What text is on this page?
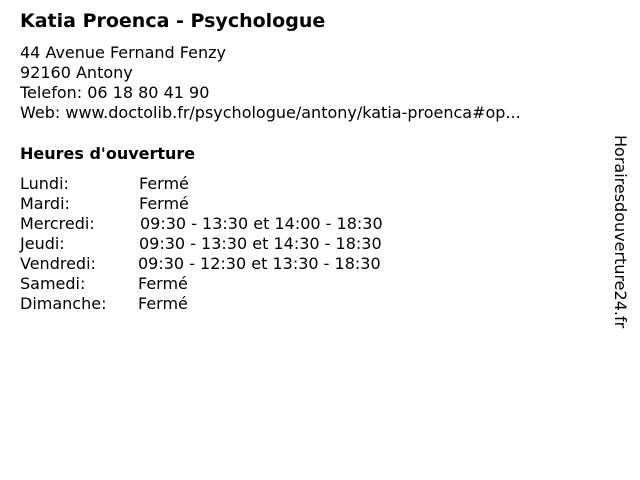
Katia Proenca - Psychologue
44 Avenue Fernand Fenzy
92160 Antony
Telefon: 06 18 80 41 90
Web: www.doctolib.fr/psychologue/antony/katia-proenca#op...
Heures d'ouverture
Lundi:	Fermé
Mardi:	Fermé
Mercredi:	09:30 - 13:30 et 14:00 - 18:30
Jeudi:	09:30 - 13:30 et 14:30 - 18:30
Vendredi:	09:30 - 12:30 et 13:30 - 18:30
Samedi:	Fermé
Dimanche: Fermé	Horairesdouverture24.fr
